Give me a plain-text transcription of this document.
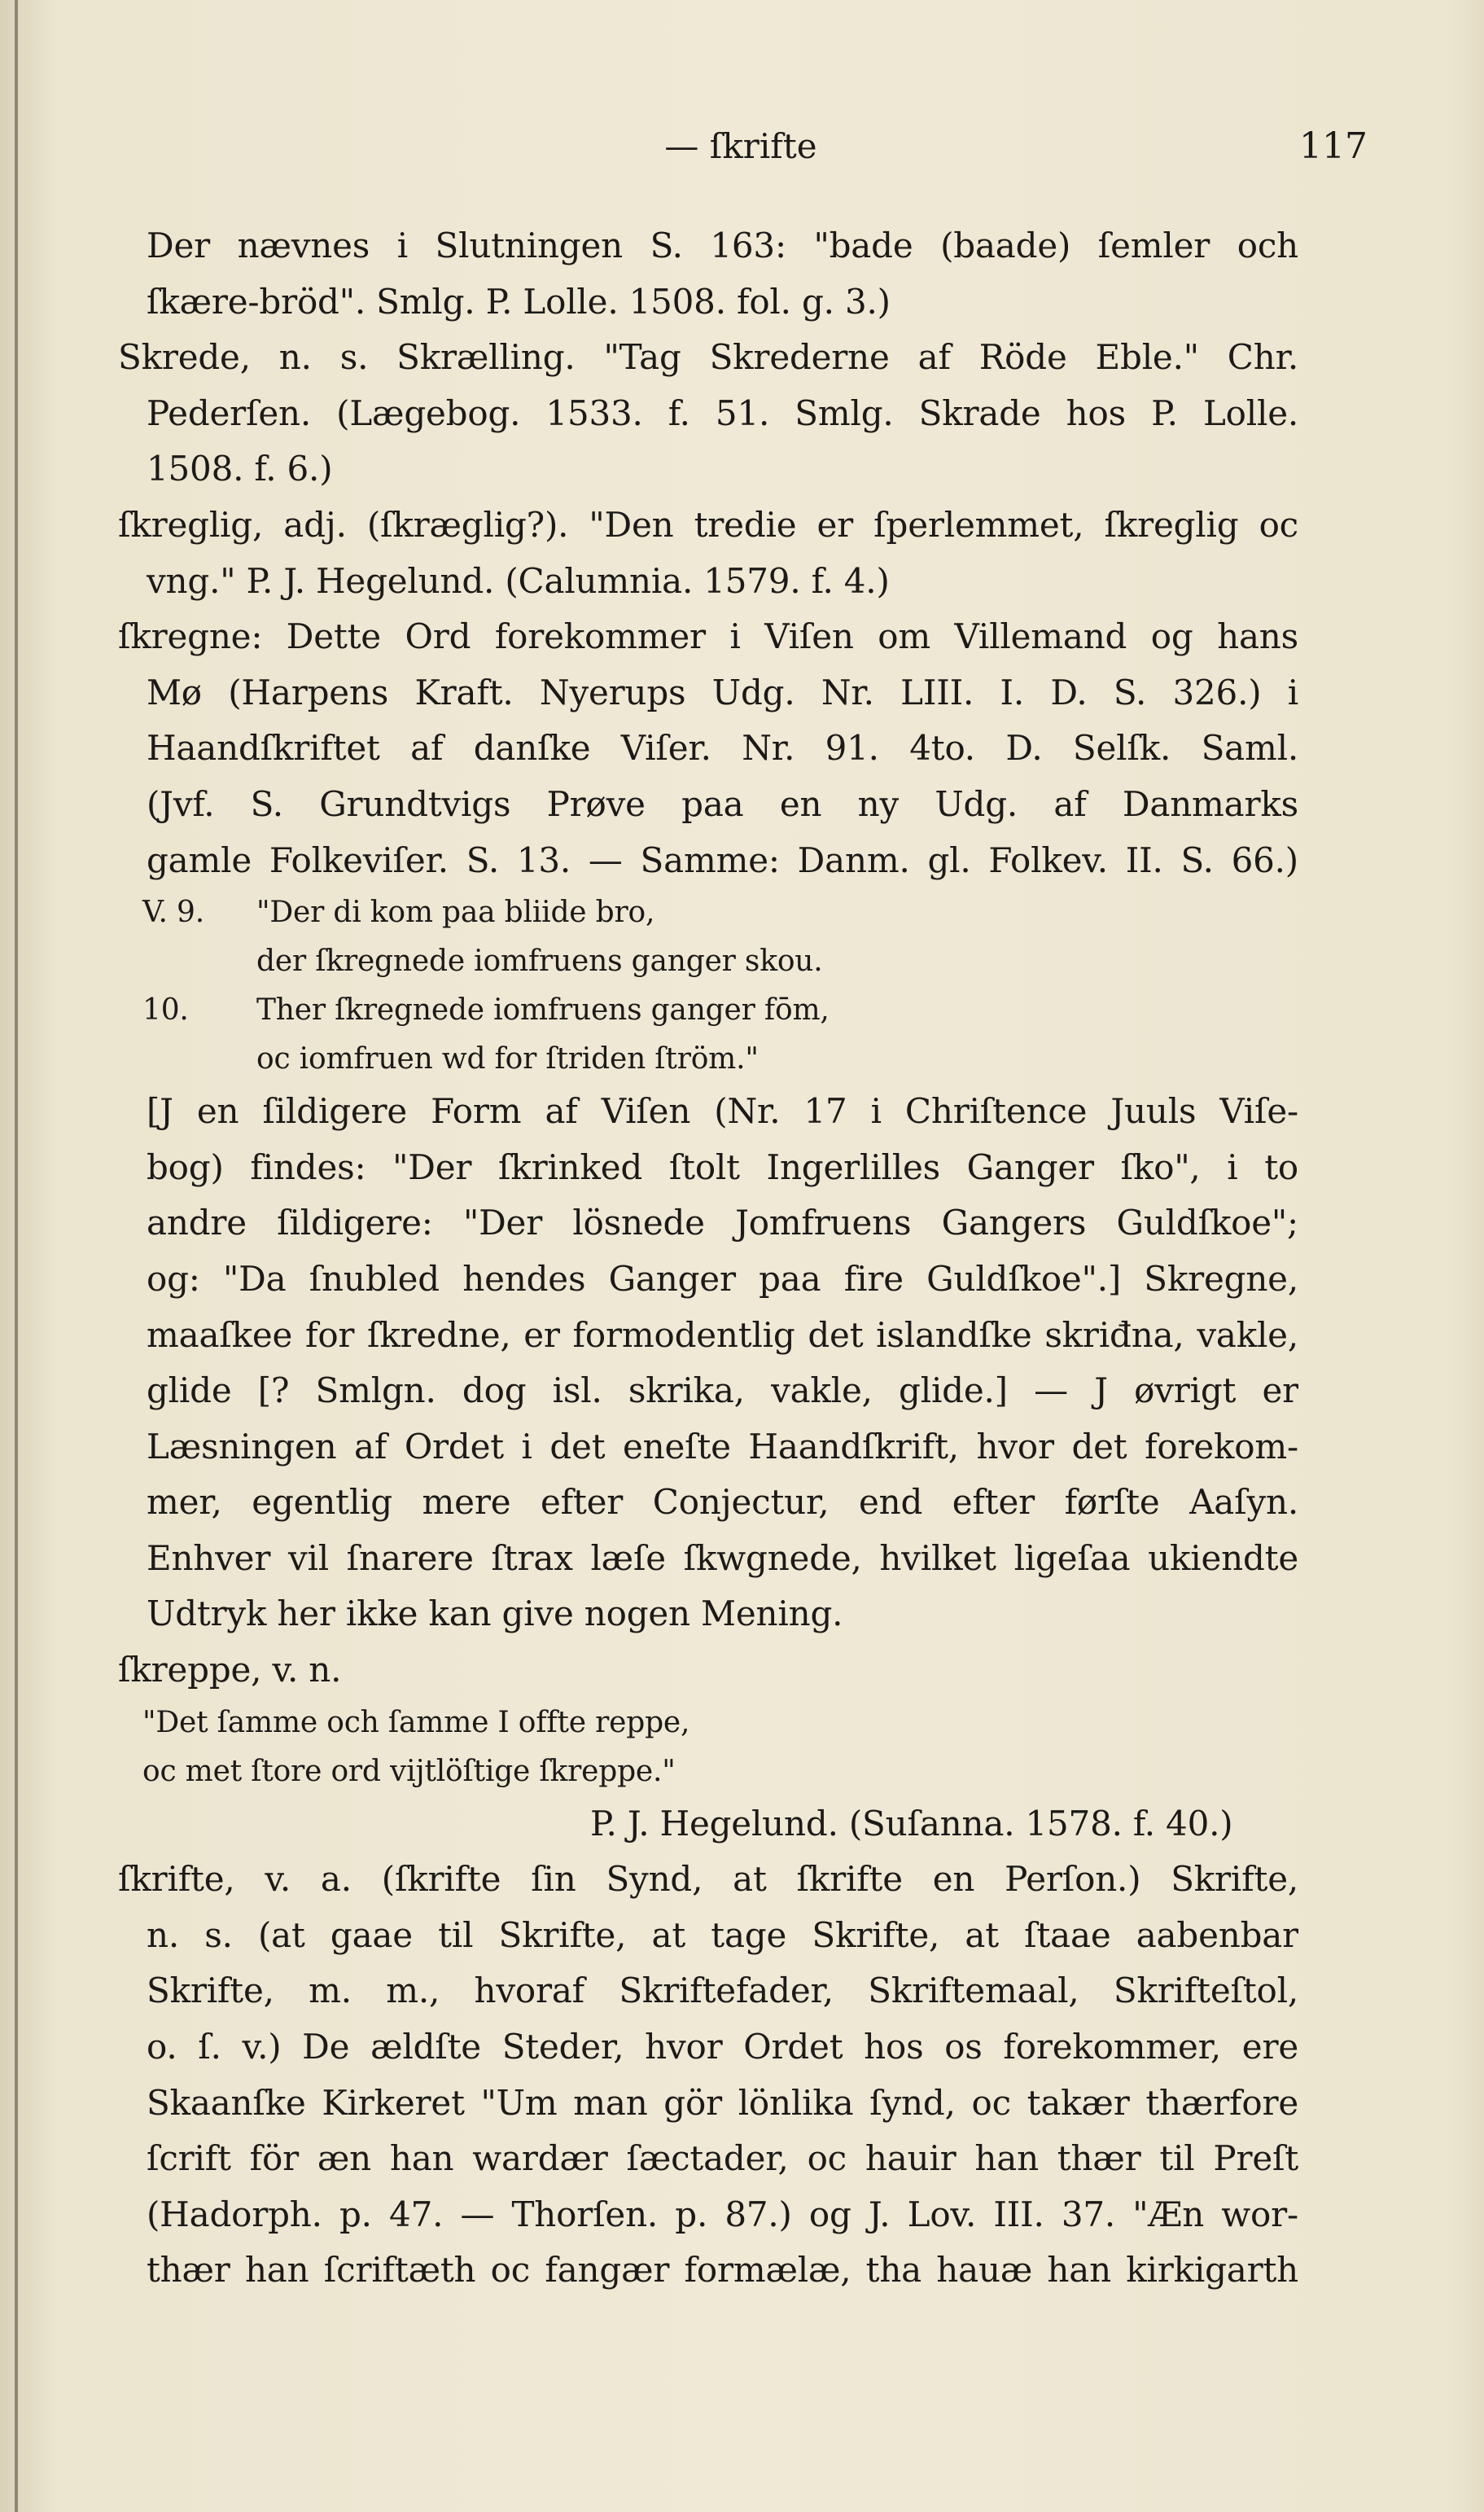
— ſkrifte	117
Der nævnes i Slutningen S. 163: "bade (baade) ſemler och
ſkære-bröd". Smlg. P. Lolle. 1508. fol. g. 3.)
Skrede, n. s. Skrælling. "Tag Skrederne af Röde Eble." Chr.
Pederſen. (Lægebog. 1533. f. 51. Smlg. Skrade hos P. Lolle.
1508. f. 6.)
ſkreglig, adj. (ſkræglig?). "Den tredie er ſperlemmet, ſkreglig oc
vng." P. J. Hegelund. (Calumnia. 1579. f. 4.)
ſkregne: Dette Ord forekommer i Viſen om Villemand og hans
Mø (Harpens Kraft. Nyerups Udg. Nr. LIII. I. D. S. 326.) i
Haandſkriftet af danſke Viſer. Nr. 91. 4to. D. Selſk. Saml.
(Jvf. S. Grundtvigs Prøve paa en ny Udg. af Danmarks
gamle Folkeviſer. S. 13. — Samme: Danm. gl. Folkev. II. S. 66.)
V. 9. "Der di kom paa bliide bro,
der ſkregnede iomfruens ganger skou.
10. Ther ſkregnede iomfruens ganger fōm,
oc iomfruen wd for ſtriden ſtröm."
[J en ſildigere Form af Viſen (Nr. 17 i Chriſtence Juuls Viſe-
bog) findes: "Der ſkrinked ſtolt Ingerlilles Ganger ſko", i to
andre ſildigere: "Der lösnede Jomfruens Gangers Guldſkoe";
og: "Da ſnubled hendes Ganger paa fire Guldſkoe".] Skregne,
maaſkee for ſkredne, er formodentlig det islandſke skriđna, vakle,
glide [? Smlgn. dog isl. skrika, vakle, glide.] — J øvrigt er
Læsningen af Ordet i det eneſte Haandſkrift, hvor det forekom-
mer, egentlig mere efter Conjectur, end efter førſte Aaſyn.
Enhver vil ſnarere ſtrax læſe ſkwgnede, hvilket ligeſaa ukiendte
Udtryk her ikke kan give nogen Mening.
ſkreppe, v. n.
"Det ſamme och ſamme I offte reppe,
oc met ſtore ord vijtlöſtige ſkreppe."
P. J. Hegelund. (Suſanna. 1578. f. 40.)
ſkrifte, v. a. (ſkrifte ſin Synd, at ſkrifte en Perſon.) Skrifte,
n. s. (at gaae til Skrifte, at tage Skrifte, at ſtaae aabenbar
Skrifte, m. m., hvoraf Skriftefader, Skriftemaal, Skrifteſtol,
o. ſ. v.) De ældſte Steder, hvor Ordet hos os forekommer, ere
Skaanſke Kirkeret "Um man gör lönlika ſynd, oc takær thærfore
ſcrift för æn han wardær ſæctader, oc hauir han thær til Preſt
(Hadorph. p. 47. — Thorſen. p. 87.) og J. Lov. III. 37. "Æn wor-
thær han ſcriftæth oc fangær formælæ, tha hauæ han kirkigarth
